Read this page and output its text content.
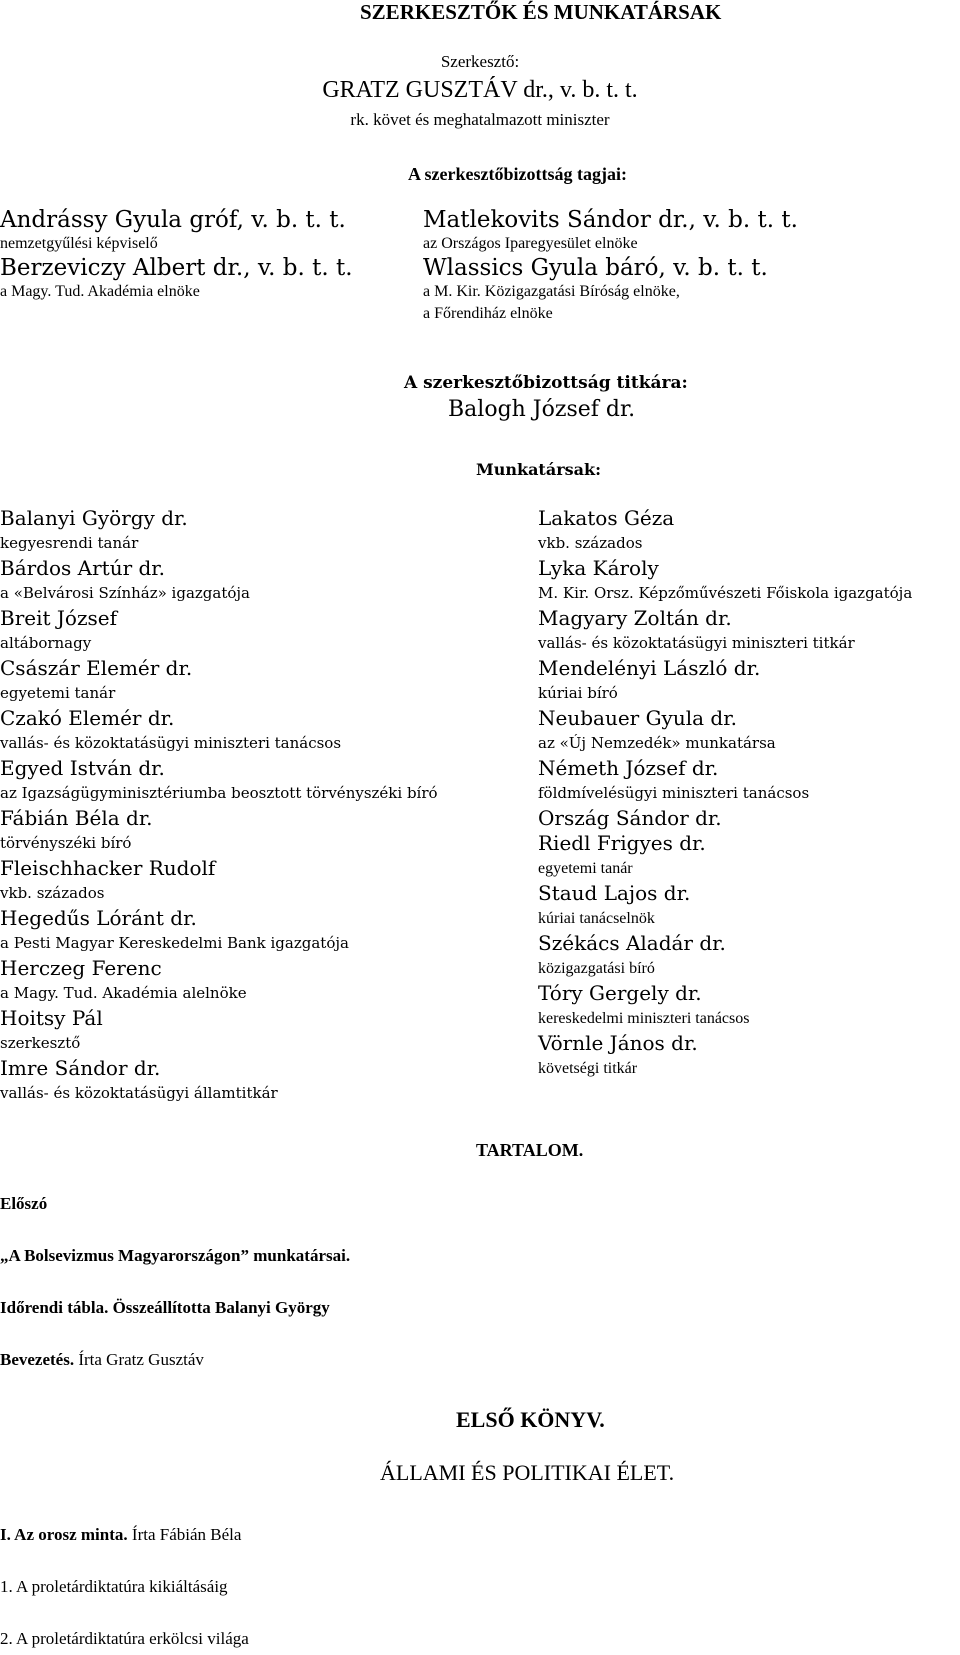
SZERKESZTŐK ÉS MUNKATÁRSAK
Szerkesztő:
GRATZ GUSZTÁV dr., v. b. t. t.
rk. követ és meghatalmazott miniszter
A szerkesztőbizottság tagjai:
Andrássy Gyula gróf, v. b. t. t.
nemzetgyűlési képviselő
Berzeviczy Albert dr., v. b. t. t.
a Magy. Tud. Akadémia elnöke
Matlekovits Sándor dr., v. b. t. t.
az Országos Iparegyesület elnöke
Wlassics Gyula báró, v. b. t. t.
a M. Kir. Közigazgatási Bíróság elnöke,
a Főrendiház elnöke
A szerkesztőbizottság titkára:
Balogh József dr.
Munkatársak:
Balanyi György dr.
kegyesrendi tanár
Bárdos Artúr dr.
a «Belvárosi Színház» igazgatója
Breit József
altábornagy
Császár Elemér dr.
egyetemi tanár
Czakó Elemér dr.
vallás- és közoktatásügyi miniszteri tanácsos
Egyed István dr.
az Igazságügyminisztériumba beosztott törvényszéki bíró
Fábián Béla dr.
törvényszéki bíró
Fleischhacker Rudolf
vkb. százados
Hegedűs Lóránt dr.
a Pesti Magyar Kereskedelmi Bank igazgatója
Herczeg Ferenc
a Magy. Tud. Akadémia alelnöke
Hoitsy Pál
szerkesztő
Imre Sándor dr.
vallás- és közoktatásügyi államtitkár
Lakatos Géza
vkb. százados
Lyka Károly
M. Kir. Orsz. Képzőművészeti Főiskola igazgatója
Magyary Zoltán dr.
vallás- és közoktatásügyi miniszteri titkár
Mendelényi László dr.
kúriai bíró
Neubauer Gyula dr.
az «Új Nemzedék» munkatársa
Németh József dr.
földmívelésügyi miniszteri tanácsos
Ország Sándor dr.
Riedl Frigyes dr.
egyetemi tanár
Staud Lajos dr.
kúriai tanácselnök
Székács Aladár dr.
közigazgatási bíró
Tóry Gergely dr.
kereskedelmi miniszteri tanácsos
Vörnle János dr.
követségi titkár
TARTALOM.
Előszó
„A Bolsevizmus Magyarországon” munkatársai.
Időrendi tábla. Összeállította Balanyi György
Bevezetés. Írta Gratz Gusztáv
ELSŐ KÖNYV.
ÁLLAMI ÉS POLITIKAI ÉLET.
I. Az orosz minta. Írta Fábián Béla
1. A proletárdiktatúra kikiáltásáig
2. A proletárdiktatúra erkölcsi világa
